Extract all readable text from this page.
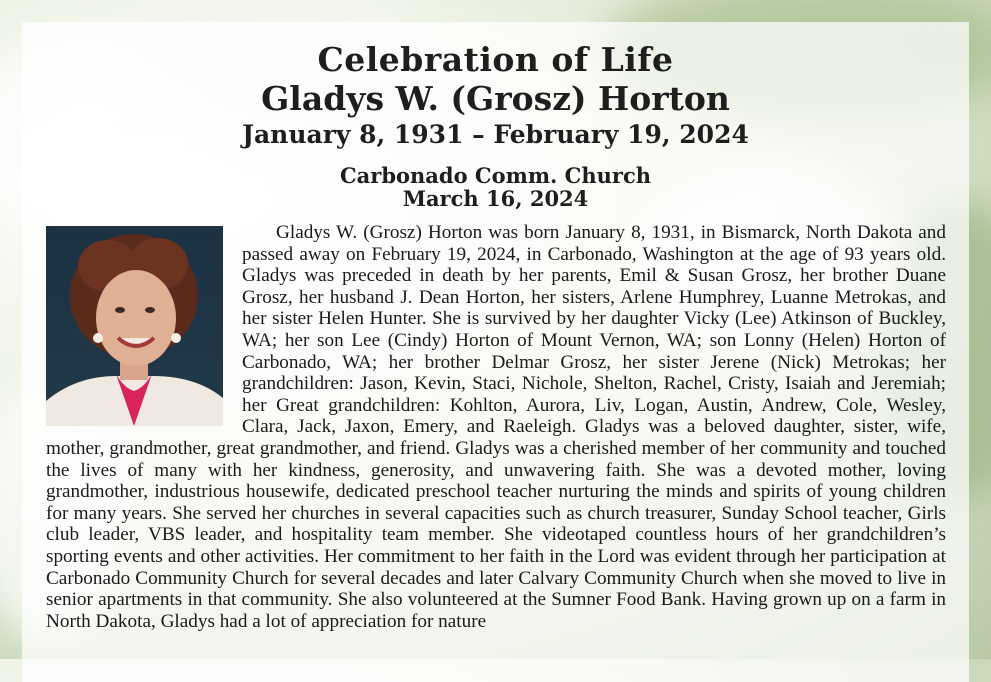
Celebration of Life
Gladys W. (Grosz) Horton
January 8, 1931 – February 19, 2024
Carbonado Comm. Church
March 16, 2024
Gladys W. (Grosz) Horton was born January 8, 1931, in Bismarck, North Dakota and passed away on February 19, 2024, in Carbonado, Washington at the age of 93 years old. Gladys was preceded in death by her parents, Emil & Susan Grosz, her brother Duane Grosz, her husband J. Dean Horton, her sisters, Arlene Humphrey, Luanne Metrokas, and her sister Helen Hunter. She is survived by her daughter Vicky (Lee) Atkinson of Buckley, WA; her son Lee (Cindy) Horton of Mount Vernon, WA; son Lonny (Helen) Horton of Carbonado, WA; her brother Delmar Grosz, her sister Jerene (Nick) Metrokas; her grandchildren: Jason, Kevin, Staci, Nichole, Shelton, Rachel, Cristy, Isaiah and Jeremiah; her Great grandchildren: Kohlton, Aurora, Liv, Logan, Austin, Andrew, Cole, Wesley, Clara, Jack, Jaxon, Emery, and Raeleigh. Gladys was a beloved daughter, sister, wife, mother, grandmother, great grandmother, and friend. Gladys was a cherished member of her community and touched the lives of many with her kindness, generosity, and unwavering faith. She was a devoted mother, loving grandmother, industrious housewife, dedicated preschool teacher nurturing the minds and spirits of young children for many years. She served her churches in several capacities such as church treasurer, Sunday School teacher, Girls club leader, VBS leader, and hospitality team member. She videotaped countless hours of her grandchildren’s sporting events and other activities. Her commitment to her faith in the Lord was evident through her participation at Carbonado Community Church for several decades and later Calvary Community Church when she moved to live in senior apartments in that community. She also volunteered at the Sumner Food Bank. Having grown up on a farm in North Dakota, Gladys had a lot of appreciation for nature
